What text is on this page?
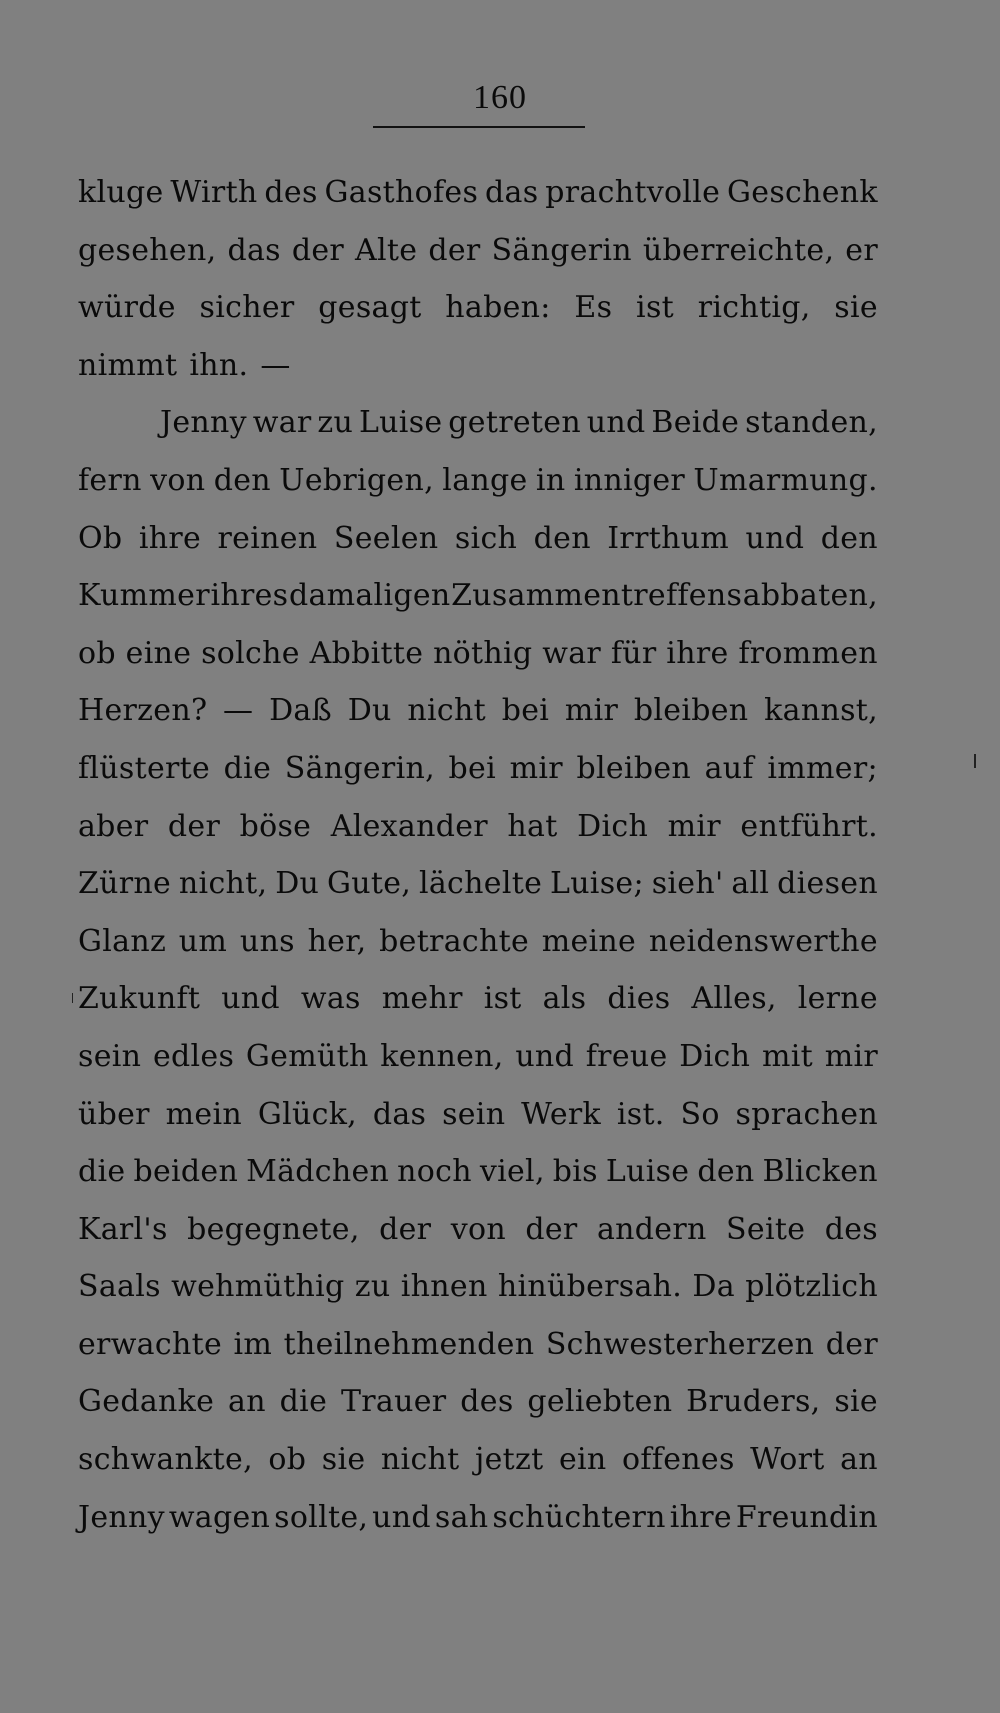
160
kluge Wirth des Gasthofes das prachtvolle Geschenk
gesehen, das der Alte der Sängerin überreichte, er
würde sicher gesagt haben: Es ist richtig, sie
nimmt ihn. —
Jenny war zu Luise getreten und Beide standen,
fern von den Uebrigen, lange in inniger Umarmung.
Ob ihre reinen Seelen sich den Irrthum und den
Kummer ihres damaligen Zusammentreffens abbaten,
ob eine solche Abbitte nöthig war für ihre frommen
Herzen? — Daß Du nicht bei mir bleiben kannst,
flüsterte die Sängerin, bei mir bleiben auf immer;
aber der böse Alexander hat Dich mir entführt.
Zürne nicht, Du Gute, lächelte Luise; sieh' all diesen
Glanz um uns her, betrachte meine neidenswerthe
Zukunft und was mehr ist als dies Alles, lerne
sein edles Gemüth kennen, und freue Dich mit mir
über mein Glück, das sein Werk ist. So sprachen
die beiden Mädchen noch viel, bis Luise den Blicken
Karl's begegnete, der von der andern Seite des
Saals wehmüthig zu ihnen hinübersah. Da plötzlich
erwachte im theilnehmenden Schwesterherzen der
Gedanke an die Trauer des geliebten Bruders, sie
schwankte, ob sie nicht jetzt ein offenes Wort an
Jenny wagen sollte, und sah schüchtern ihre Freundin
